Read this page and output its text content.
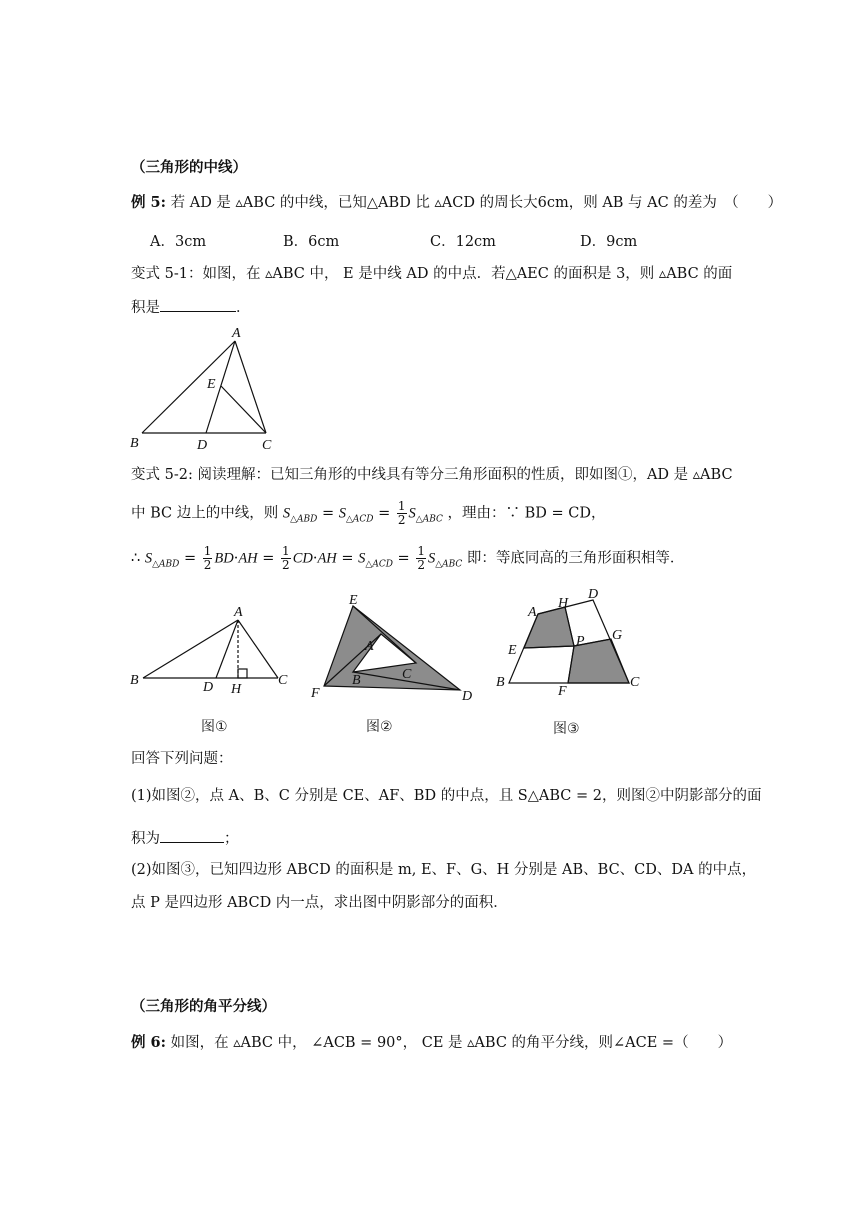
（三角形的中线）
例 5: 若 AD 是 ▵ABC 的中线，已知△ABD 比 ▵ACD 的周长大6cm，则 AB 与 AC 的差为　（　　）
A．3cm	B．6cm	C．12cm	D．9cm
变式 5-1：如图，在 ▵ABC 中， E 是中线 AD 的中点．若△AEC 的面积是 3，则 ▵ABC 的面
积是	．
A
B	C
D
E
变式 5-2: 阅读理解：已知三角形的中线具有等分三角形面积的性质，即如图①，AD 是 ▵ABC
中 BC 边上的中线，则 $S_{\triangle ABD} = S_{\triangle ACD} = \frac{1}{2} S_{\triangle ABC}$ ，理由：∵ BD = CD，
∴ $S_{\triangle ABD} = \frac{1}{2} BD\cdot AH = \frac{1}{2} CD\cdot AH = S_{\triangle ACD} = \frac{1}{2} S_{\triangle ABC}$ 即：等底同高的三角形面积相等．
A
B	C
D H
图①
E
F	D
A
B	C
图②
A
H
D
G
P
E
B
F
C
图③
回答下列问题：
(1)如图②，点 A、B、C 分别是 CE、AF、BD 的中点，且 S△ABC = 2，则图②中阴影部分的面
积为	；
(2)如图③，已知四边形 ABCD 的面积是 m, E、F、G、H 分别是 AB、BC、CD、DA 的中点，
点 P 是四边形 ABCD 内一点，求出图中阴影部分的面积．
（三角形的角平分线）
例 6: 如图，在 ▵ABC 中， ∠ACB = 90°， CE 是 ▵ABC 的角平分线，则∠ACE =（　　）
